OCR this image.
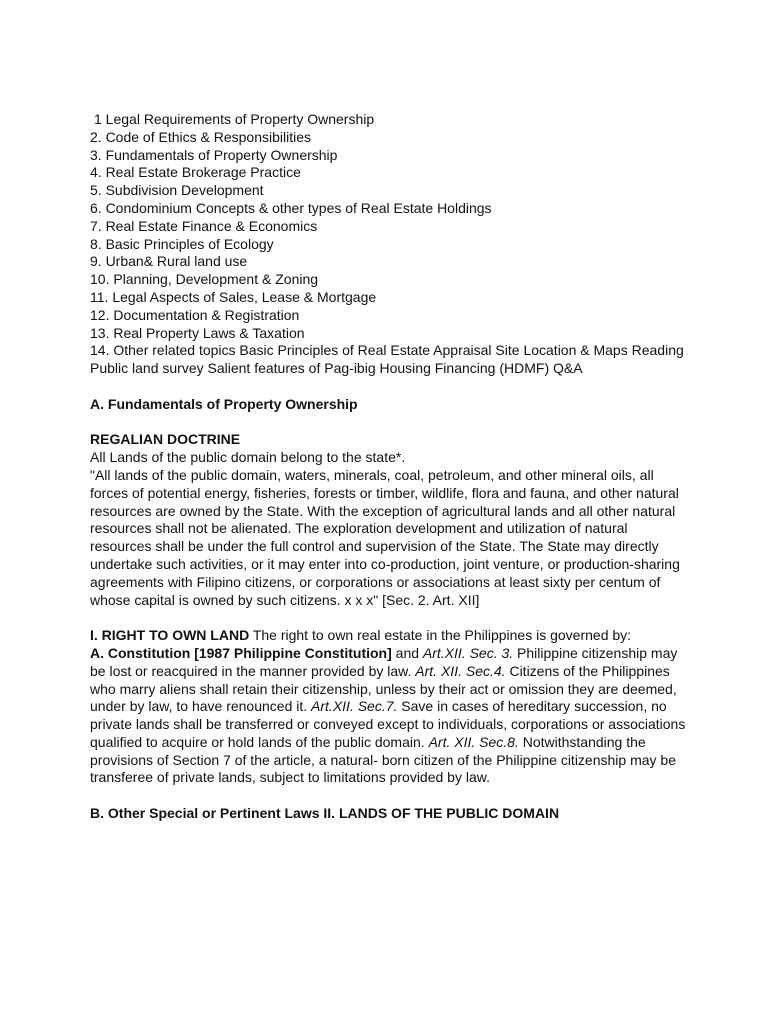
1 Legal Requirements of Property Ownership
2. Code of Ethics & Responsibilities
3. Fundamentals of Property Ownership
4. Real Estate Brokerage Practice
5. Subdivision Development
6. Condominium Concepts & other types of Real Estate Holdings
7. Real Estate Finance & Economics
8. Basic Principles of Ecology
9. Urban& Rural land use
10. Planning, Development & Zoning
11. Legal Aspects of Sales, Lease & Mortgage
12. Documentation & Registration
13. Real Property Laws & Taxation

14. Other related topics Basic Principles of Real Estate Appraisal Site Location & Maps Reading Public land survey Salient features of Pag-ibig Housing Financing (HDMF) Q&A

A. Fundamentals of Property Ownership

REGALIAN DOCTRINE

All Lands of the public domain belong to the state*.

"All lands of the public domain, waters, minerals, coal, petroleum, and other mineral oils, all forces of potential energy, fisheries, forests or timber, wildlife, flora and fauna, and other natural resources are owned by the State. With the exception of agricultural lands and all other natural resources shall not be alienated. The exploration development and utilization of natural resources shall be under the full control and supervision of the State. The State may directly undertake such activities, or it may enter into co-production, joint venture, or production-sharing agreements with Filipino citizens, or corporations or associations at least sixty per centum of whose capital is owned by such citizens. x x x" [Sec. 2. Art. XII]

I. RIGHT TO OWN LAND The right to own real estate in the Philippines is governed by:
A. Constitution [1987 Philippine Constitution] and Art.XII. Sec. 3. Philippine citizenship may be lost or reacquired in the manner provided by law. Art. XII. Sec.4. Citizens of the Philippines who marry aliens shall retain their citizenship, unless by their act or omission they are deemed, under by law, to have renounced it. Art.XII. Sec.7. Save in cases of hereditary succession, no private lands shall be transferred or conveyed except to individuals, corporations or associations qualified to acquire or hold lands of the public domain. Art. XII. Sec.8. Notwithstanding the provisions of Section 7 of the article, a natural- born citizen of the Philippine citizenship may be transferee of private lands, subject to limitations provided by law.

B. Other Special or Pertinent Laws II. LANDS OF THE PUBLIC DOMAIN
